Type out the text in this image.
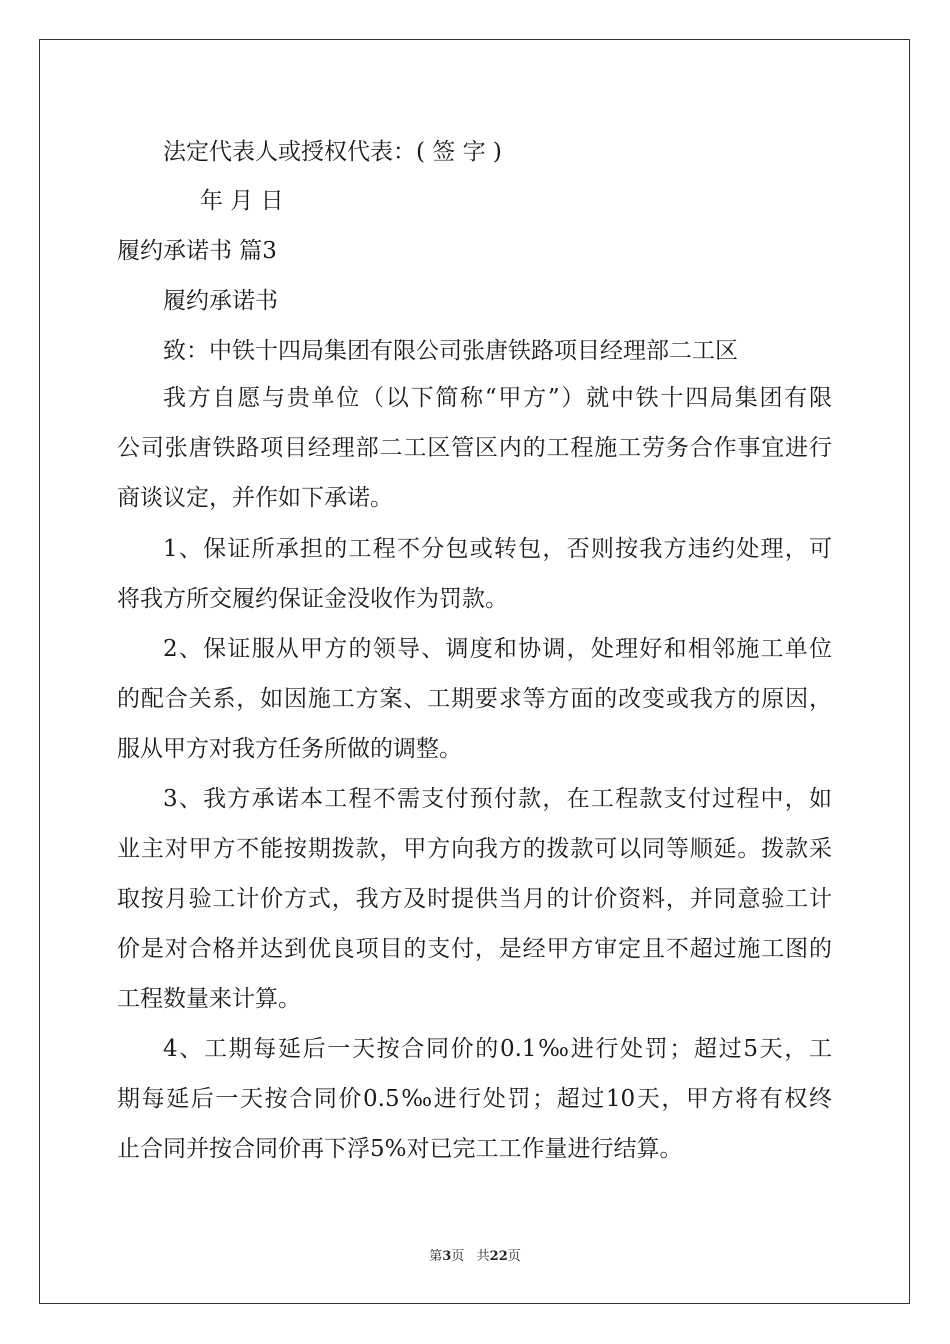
法定代表人或授权代表：( 签 字 )
年 月 日
履约承诺书 篇3
履约承诺书
致：中铁十四局集团有限公司张唐铁路项目经理部二工区
我方自愿与贵单位（以下简称“甲方”）就中铁十四局集团有限
公司张唐铁路项目经理部二工区管区内的工程施工劳务合作事宜进行
商谈议定，并作如下承诺。
1、保证所承担的工程不分包或转包，否则按我方违约处理，可
将我方所交履约保证金没收作为罚款。
2、保证服从甲方的领导、调度和协调，处理好和相邻施工单位
的配合关系，如因施工方案、工期要求等方面的改变或我方的原因，
服从甲方对我方任务所做的调整。
3、我方承诺本工程不需支付预付款，在工程款支付过程中，如
业主对甲方不能按期拨款，甲方向我方的拨款可以同等顺延。拨款采
取按月验工计价方式，我方及时提供当月的计价资料，并同意验工计
价是对合格并达到优良项目的支付，是经甲方审定且不超过施工图的
工程数量来计算。
4、工期每延后一天按合同价的0.1‰进行处罚；超过5天，工
期每延后一天按合同价0.5‰进行处罚；超过10天，甲方将有权终
止合同并按合同价再下浮5%对已完工工作量进行结算。
第3页   共22页
